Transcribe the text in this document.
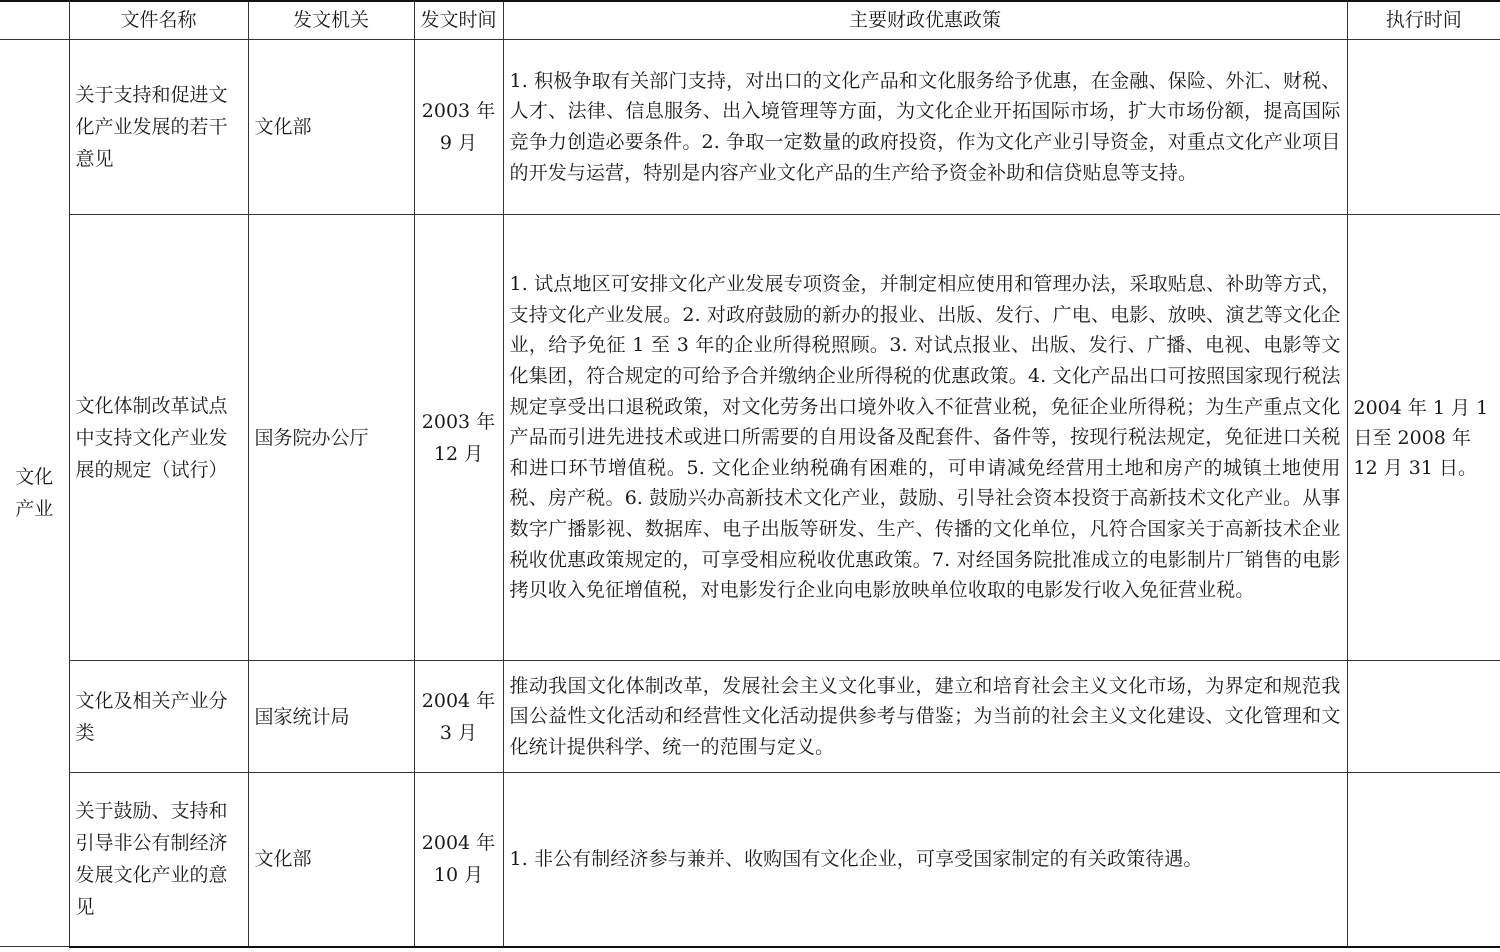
	文件名称	发文机关	发文时间	主要财政优惠政策	执行时间

文化产业	关于支持和促进文化产业发展的若干意见	文化部	2003 年 9 月	1. 积极争取有关部门支持，对出口的文化产品和文化服务给予优惠，在金融、保险、外汇、财税、人才、法律、信息服务、出入境管理等方面，为文化企业开拓国际市场，扩大市场份额，提高国际竞争力创造必要条件。2. 争取一定数量的政府投资，作为文化产业引导资金，对重点文化产业项目的开发与运营，特别是内容产业文化产品的生产给予资金补助和信贷贴息等支持。	
	文化体制改革试点中支持文化产业发展的规定（试行）	国务院办公厅	2003 年 12 月	1. 试点地区可安排文化产业发展专项资金，并制定相应使用和管理办法，采取贴息、补助等方式，支持文化产业发展。2. 对政府鼓励的新办的报业、出版、发行、广电、电影、放映、演艺等文化企业，给予免征 1 至 3 年的企业所得税照顾。3. 对试点报业、出版、发行、广播、电视、电影等文化集团，符合规定的可给予合并缴纳企业所得税的优惠政策。4. 文化产品出口可按照国家现行税法规定享受出口退税政策，对文化劳务出口境外收入不征营业税，免征企业所得税；为生产重点文化产品而引进先进技术或进口所需要的自用设备及配套件、备件等，按现行税法规定，免征进口关税和进口环节增值税。5. 文化企业纳税确有困难的，可申请减免经营用土地和房产的城镇土地使用税、房产税。6. 鼓励兴办高新技术文化产业，鼓励、引导社会资本投资于高新技术文化产业。从事数字广播影视、数据库、电子出版等研发、生产、传播的文化单位，凡符合国家关于高新技术企业税收优惠政策规定的，可享受相应税收优惠政策。7. 对经国务院批准成立的电影制片厂销售的电影拷贝收入免征增值税，对电影发行企业向电影放映单位收取的电影发行收入免征营业税。	2004 年 1 月 1 日至 2008 年 12 月 31 日。
	文化及相关产业分类	国家统计局	2004 年 3 月	推动我国文化体制改革，发展社会主义文化事业，建立和培育社会主义文化市场，为界定和规范我国公益性文化活动和经营性文化活动提供参考与借鉴；为当前的社会主义文化建设、文化管理和文化统计提供科学、统一的范围与定义。	
	关于鼓励、支持和引导非公有制经济发展文化产业的意见	文化部	2004 年 10 月	1. 非公有制经济参与兼并、收购国有文化企业，可享受国家制定的有关政策待遇。	
